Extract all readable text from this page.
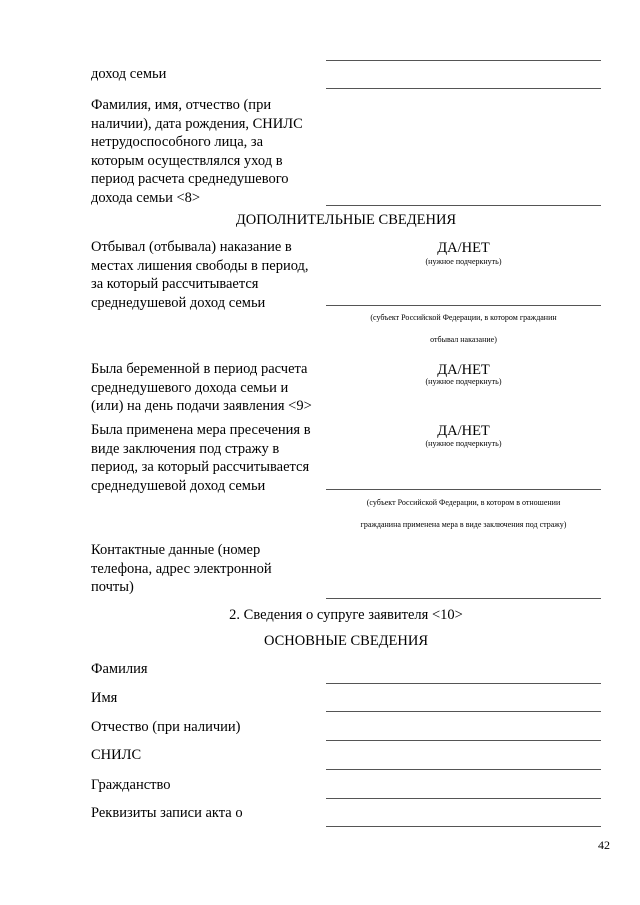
доход семьи
Фамилия, имя, отчество (при
наличии), дата рождения, СНИЛС
нетрудоспособного лица, за
которым осуществлялся уход в
период расчета среднедушевого
дохода семьи <8>
ДОПОЛНИТЕЛЬНЫЕ СВЕДЕНИЯ
Отбывал (отбывала) наказание в
местах лишения свободы в период,
за который рассчитывается
среднедушевой доход семьи
ДА/НЕТ
(нужное подчеркнуть)
(субъект Российской Федерации, в котором гражданин
отбывал наказание)
Была беременной в период расчета
среднедушевого дохода семьи и
(или) на день подачи заявления <9>
ДА/НЕТ
(нужное подчеркнуть)
Была применена мера пресечения в
виде заключения под стражу в
период, за который рассчитывается
среднедушевой доход семьи
ДА/НЕТ
(нужное подчеркнуть)
(субъект Российской Федерации, в котором в отношении
гражданина применена мера в виде заключения под стражу)
Контактные данные (номер
телефона, адрес электронной
почты)
2. Сведения о супруге заявителя <10>
ОСНОВНЫЕ СВЕДЕНИЯ
Фамилия
Имя
Отчество (при наличии)
СНИЛС
Гражданство
Реквизиты записи акта о
42
